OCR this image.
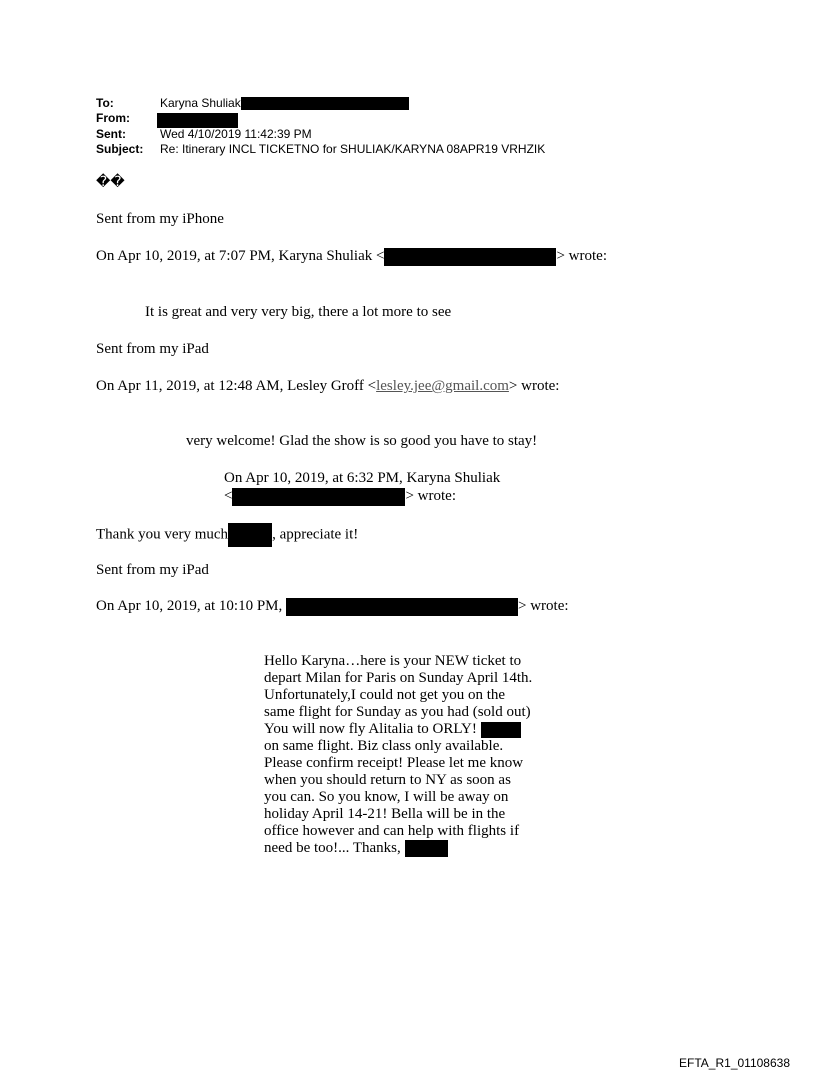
To:	Karyna Shuliak
From:
Sent:	Wed 4/10/2019 11:42:39 PM
Subject: Re: Itinerary INCL TICKETNO for SHULIAK/KARYNA 08APR19 VRHZIK
��
Sent from my iPhone
On Apr 10, 2019, at 7:07 PM, Karyna Shuliak <	> wrote:
It is great and very very big, there a lot more to see
Sent from my iPad
On Apr 11, 2019, at 12:48 AM, Lesley Groff <lesley.jee@gmail.com> wrote:
very welcome! Glad the show is so good you have to stay!
On Apr 10, 2019, at 6:32 PM, Karyna Shuliak
<	> wrote:
Thank you very much	, appreciate it!
Sent from my iPad
On Apr 10, 2019, at 10:10 PM,	> wrote:
Hello Karyna…here is your NEW ticket to
depart Milan for Paris on Sunday April 14th.
Unfortunately,I could not get you on the
same flight for Sunday as you had (sold out)
You will now fly Alitalia to ORLY!
on same flight. Biz class only available.
Please confirm receipt! Please let me know
when you should return to NY as soon as
you can. So you know, I will be away on
holiday April 14-21! Bella will be in the
office however and can help with flights if
need be too!... Thanks,
EFTA_R1_01108638
